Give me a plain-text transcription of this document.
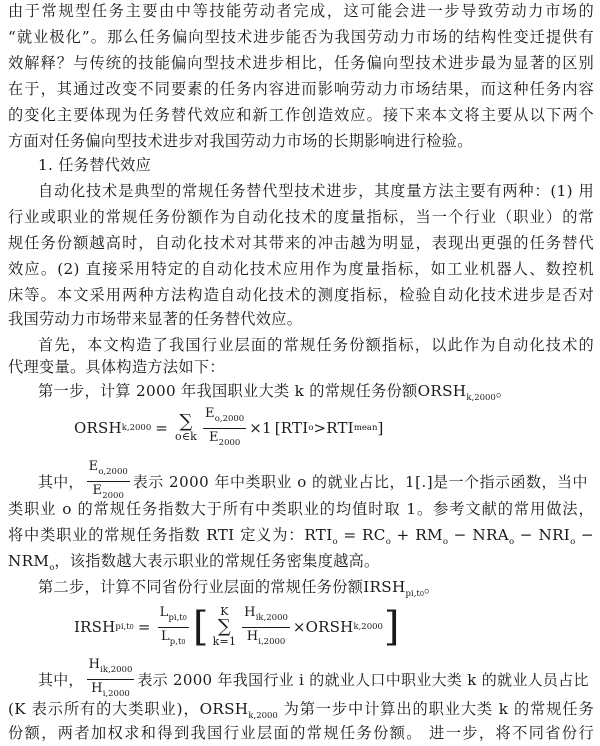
由于常规型任务主要由中等技能劳动者完成，这可能会进一步导致劳动力市场的
“就业极化”。那么任务偏向型技术进步能否为我国劳动力市场的结构性变迁提供有
效解释？与传统的技能偏向型技术进步相比，任务偏向型技术进步最为显著的区别
在于，其通过改变不同要素的任务内容进而影响劳动力市场结果，而这种任务内容
的变化主要体现为任务替代效应和新工作创造效应。接下来本文将主要从以下两个
方面对任务偏向型技术进步对我国劳动力市场的长期影响进行检验。
1. 任务替代效应
自动化技术是典型的常规任务替代型技术进步，其度量方法主要有两种：(1) 用
行业或职业的常规任务份额作为自动化技术的度量指标，当一个行业（职业）的常
规任务份额越高时，自动化技术对其带来的冲击越为明显，表现出更强的任务替代
效应。(2) 直接采用特定的自动化技术应用作为度量指标，如工业机器人、数控机
床等。本文采用两种方法构造自动化技术的测度指标，检验自动化技术进步是否对
我国劳动力市场带来显著的任务替代效应。
首先，本文构造了我国行业层面的常规任务份额指标，以此作为自动化技术的
代理变量。具体构造方法如下：
第一步，计算 2000 年我国职业大类 k 的常规任务份额$ORSH_{k,2000}$。
ORSH k,2000 = ∑
o∈k $\frac{E_{o,2000}}{E_{2000}} \times 1$ [RTI o >RTI mean ]
其中， $\frac{E_{o,2000}}{E_{2000}}$ 表示 2000 年中类职业 o 的就业占比，1[.]是一个指示函数，当中
类职业 o 的常规任务指数大于所有中类职业的均值时取 1。参考文献的常用做法，
将中类职业的常规任务指数 RTI 定义为：$RTI_o = RC_o + RM_o - NRA_o - NRI_o$ −
$NRM_o$，该指数越大表示职业的常规任务密集度越高。
第二步，计算不同省份行业层面的常规任务份额$IRSH_{pi,t0}$。
IRSH $pi,t0 = \frac{L_{pi,t0}}{L_{p,t0}}$ [ K
∑
$k=1 \frac{H_{ik,2000}}{H_{i,2000}}$ ×ORSH k,2000 ]
其中， $\frac{H_{ik,2000}}{H_{i,2000}}$ 表示 2000 年我国行业 i 的就业人口中职业大类 k 的就业人员占比
(K 表示所有的大类职业)，$ORSH_{k,2000}$ 为第一步中计算出的职业大类 k 的常规任务
份额，两者加权求和得到我国行业层面的常规任务份额。 进一步，将不同省份行
